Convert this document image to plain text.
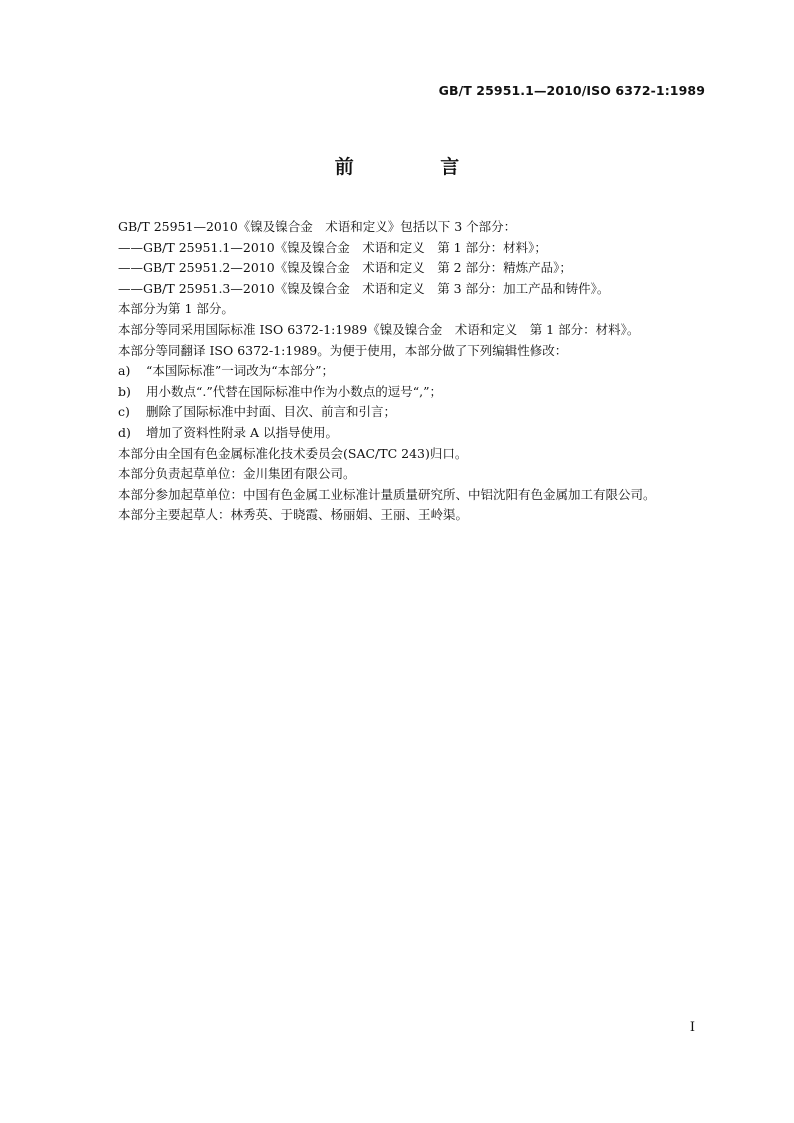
GB/T 25951.1—2010/ISO 6372-1:1989
前 言
GB/T 25951—2010《镍及镍合金　术语和定义》包括以下 3 个部分：
——GB/T 25951.1—2010《镍及镍合金　术语和定义　第 1 部分：材料》；
——GB/T 25951.2—2010《镍及镍合金　术语和定义　第 2 部分：精炼产品》；
——GB/T 25951.3—2010《镍及镍合金　术语和定义　第 3 部分：加工产品和铸件》。
本部分为第 1 部分。
本部分等同采用国际标准 ISO 6372-1:1989《镍及镍合金　术语和定义　第 1 部分：材料》。
本部分等同翻译 ISO 6372-1:1989。为便于使用，本部分做了下列编辑性修改：
a) “本国际标准”一词改为“本部分”；
b) 用小数点“.”代替在国际标准中作为小数点的逗号“,”；
c) 删除了国际标准中封面、目次、前言和引言；
d) 增加了资料性附录 A 以指导使用。
本部分由全国有色金属标准化技术委员会(SAC/TC 243)归口。
本部分负责起草单位：金川集团有限公司。
本部分参加起草单位：中国有色金属工业标准计量质量研究所、中铝沈阳有色金属加工有限公司。
本部分主要起草人：林秀英、于晓霞、杨丽娟、王丽、王岭渠。
I
